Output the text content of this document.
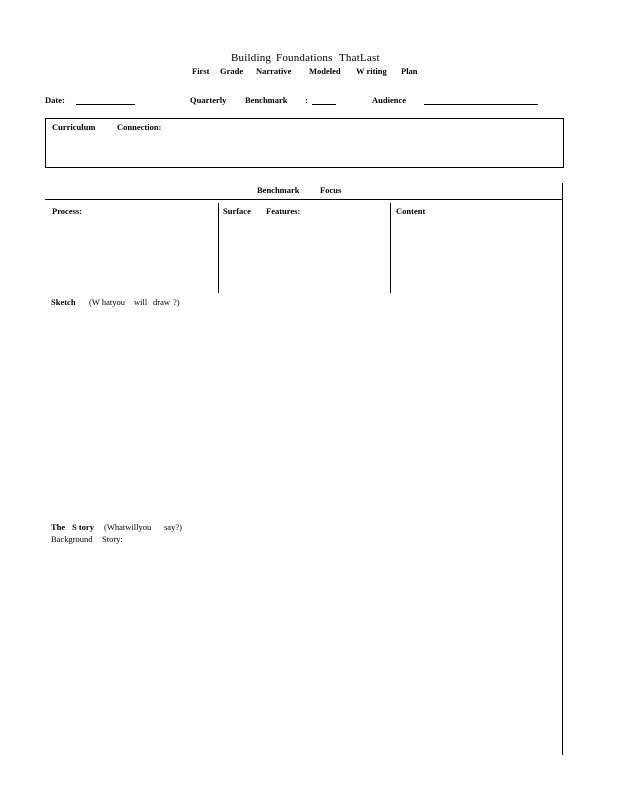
Building Foundations ThatLast
First Grade Narrative Modeled W riting Plan
Date:	Quarterly Benchmark :	Audience
Curriculum	Connection:
Benchmark Focus
Process:	Surface Features:	Content
Sketch (W hatyou will draw ?)
The S tory (Whatwillyou say?)
Background Story:
